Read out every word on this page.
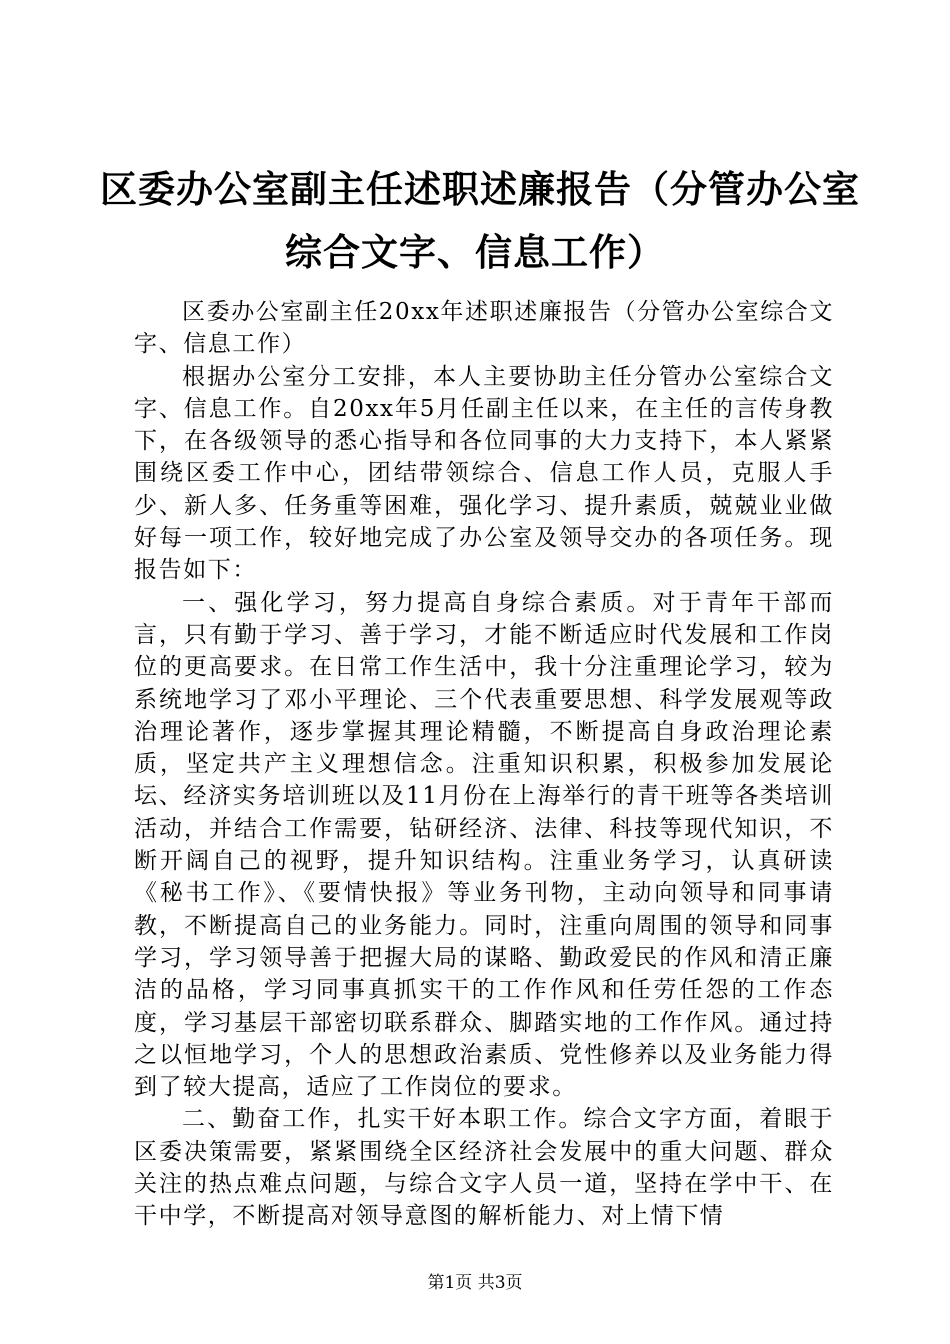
区委办公室副主任述职述廉报告（分管办公室
综合文字、信息工作）

区委办公室副主任20xx年述职述廉报告（分管办公室综合文字、信息工作）

根据办公室分工安排，本人主要协助主任分管办公室综合文字、信息工作。自20xx年5月任副主任以来，在主任的言传身教下，在各级领导的悉心指导和各位同事的大力支持下，本人紧紧围绕区委工作中心，团结带领综合、信息工作人员，克服人手少、新人多、任务重等困难，强化学习、提升素质，兢兢业业做好每一项工作，较好地完成了办公室及领导交办的各项任务。现报告如下：

一、强化学习，努力提高自身综合素质。对于青年干部而言，只有勤于学习、善于学习，才能不断适应时代发展和工作岗位的更高要求。在日常工作生活中，我十分注重理论学习，较为系统地学习了邓小平理论、三个代表重要思想、科学发展观等政治理论著作，逐步掌握其理论精髓，不断提高自身政治理论素质，坚定共产主义理想信念。注重知识积累，积极参加发展论坛、经济实务培训班以及11月份在上海举行的青干班等各类培训活动，并结合工作需要，钻研经济、法律、科技等现代知识，不断开阔自己的视野，提升知识结构。注重业务学习，认真研读《秘书工作》、《要情快报》等业务刊物，主动向领导和同事请教，不断提高自己的业务能力。同时，注重向周围的领导和同事学习，学习领导善于把握大局的谋略、勤政爱民的作风和清正廉洁的品格，学习同事真抓实干的工作作风和任劳任怨的工作态度，学习基层干部密切联系群众、脚踏实地的工作作风。通过持之以恒地学习，个人的思想政治素质、党性修养以及业务能力得到了较大提高，适应了工作岗位的要求。

二、勤奋工作，扎实干好本职工作。综合文字方面，着眼于区委决策需要，紧紧围绕全区经济社会发展中的重大问题、群众关注的热点难点问题，与综合文字人员一道，坚持在学中干、在干中学，不断提高对领导意图的解析能力、对上情下情

第1页 共3页
